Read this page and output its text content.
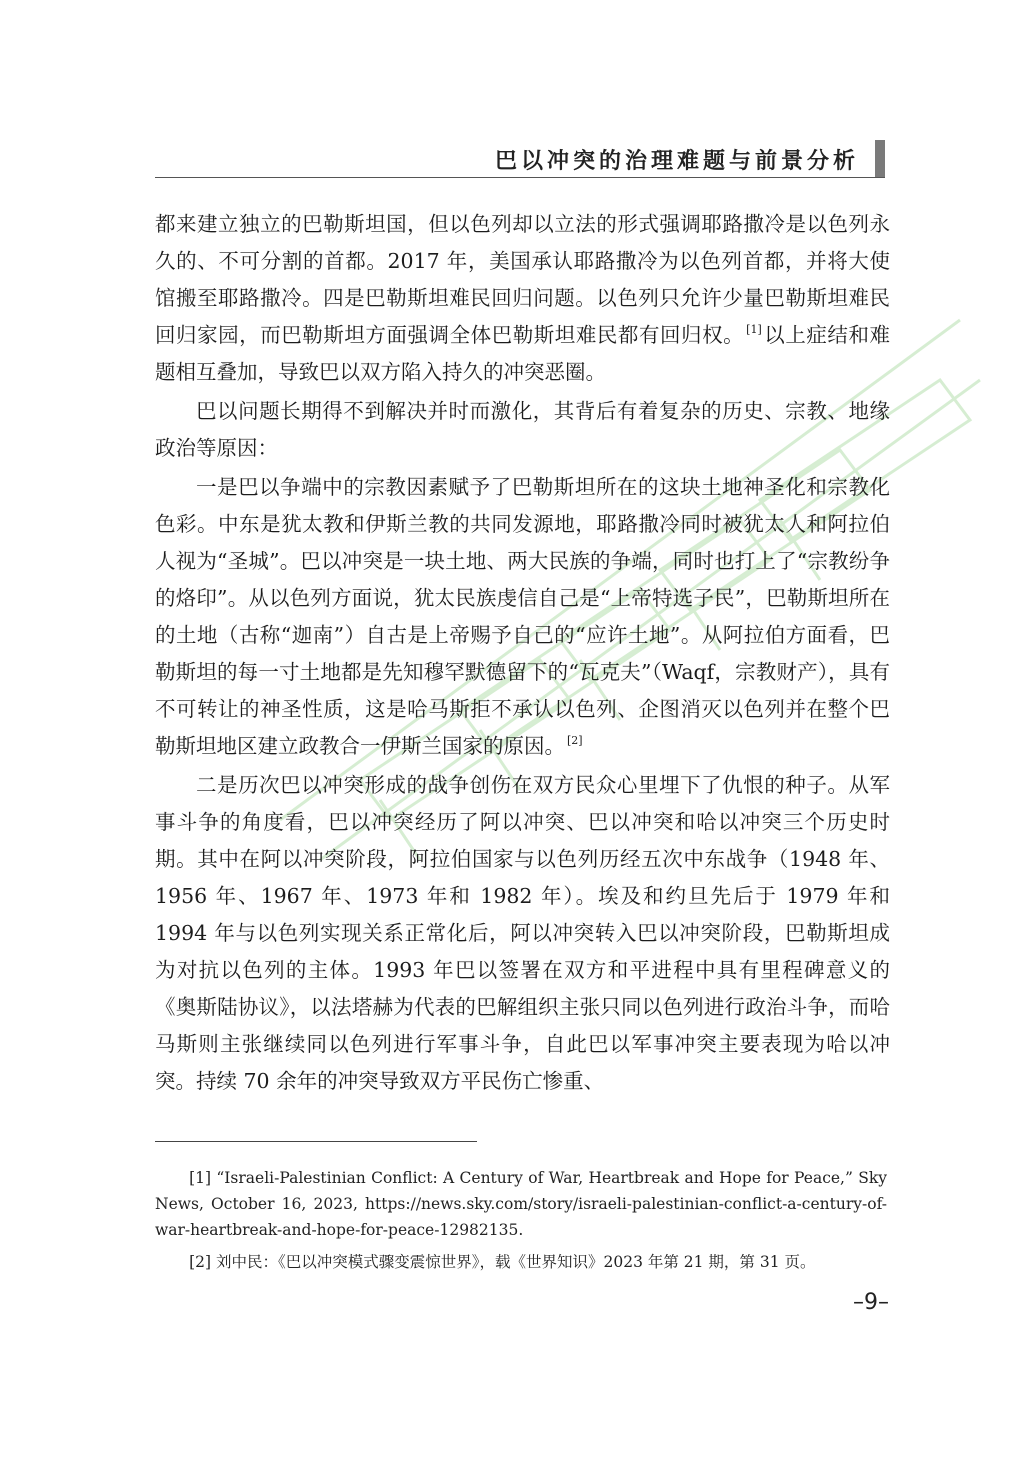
巴以冲突的治理难题与前景分析

都来建立独立的巴勒斯坦国，但以色列却以立法的形式强调耶路撒冷是以色列永久的、不可分割的首都。2017 年，美国承认耶路撒冷为以色列首都，并将大使馆搬至耶路撒冷。四是巴勒斯坦难民回归问题。以色列只允许少量巴勒斯坦难民回归家园，而巴勒斯坦方面强调全体巴勒斯坦难民都有回归权。 [1]以上症结和难题相互叠加，导致巴以双方陷入持久的冲突恶圈。

巴以问题长期得不到解决并时而激化，其背后有着复杂的历史、宗教、地缘政治等原因：

一是巴以争端中的宗教因素赋予了巴勒斯坦所在的这块土地神圣化和宗教化色彩。中东是犹太教和伊斯兰教的共同发源地，耶路撒冷同时被犹太人和阿拉伯人视为“圣城”。巴以冲突是一块土地、两大民族的争端，同时也打上了“宗教纷争的烙印”。从以色列方面说，犹太民族虔信自己是“上帝特选子民”，巴勒斯坦所在的土地（古称“迦南”）自古是上帝赐予自己的“应许土地”。从阿拉伯方面看，巴勒斯坦的每一寸土地都是先知穆罕默德留下的“瓦克夫”（Waqf，宗教财产），具有不可转让的神圣性质，这是哈马斯拒不承认以色列、企图消灭以色列并在整个巴勒斯坦地区建立政教合一伊斯兰国家的原因。 [2]

二是历次巴以冲突形成的战争创伤在双方民众心里埋下了仇恨的种子。从军事斗争的角度看，巴以冲突经历了阿以冲突、巴以冲突和哈以冲突三个历史时期。其中在阿以冲突阶段，阿拉伯国家与以色列历经五次中东战争（1948 年、1956 年、1967 年、1973 年和 1982 年）。埃及和约旦先后于 1979 年和 1994 年与以色列实现关系正常化后，阿以冲突转入巴以冲突阶段，巴勒斯坦成为对抗以色列的主体。1993 年巴以签署在双方和平进程中具有里程碑意义的《奥斯陆协议》，以法塔赫为代表的巴解组织主张只同以色列进行政治斗争，而哈马斯则主张继续同以色列进行军事斗争，自此巴以军事冲突主要表现为哈以冲突。持续 70 余年的冲突导致双方平民伤亡惨重、

[1] “Israeli-Palestinian Conflict: A Century of War, Heartbreak and Hope for Peace,” Sky News, October 16, 2023, https://news.sky.com/story/israeli-palestinian-conflict-a-century-of-war-heartbreak-and-hope-for-peace-12982135.

[2] 刘中民：《巴以冲突模式骤变震惊世界》，载《世界知识》2023 年第 21 期，第 31 页。

–9–
